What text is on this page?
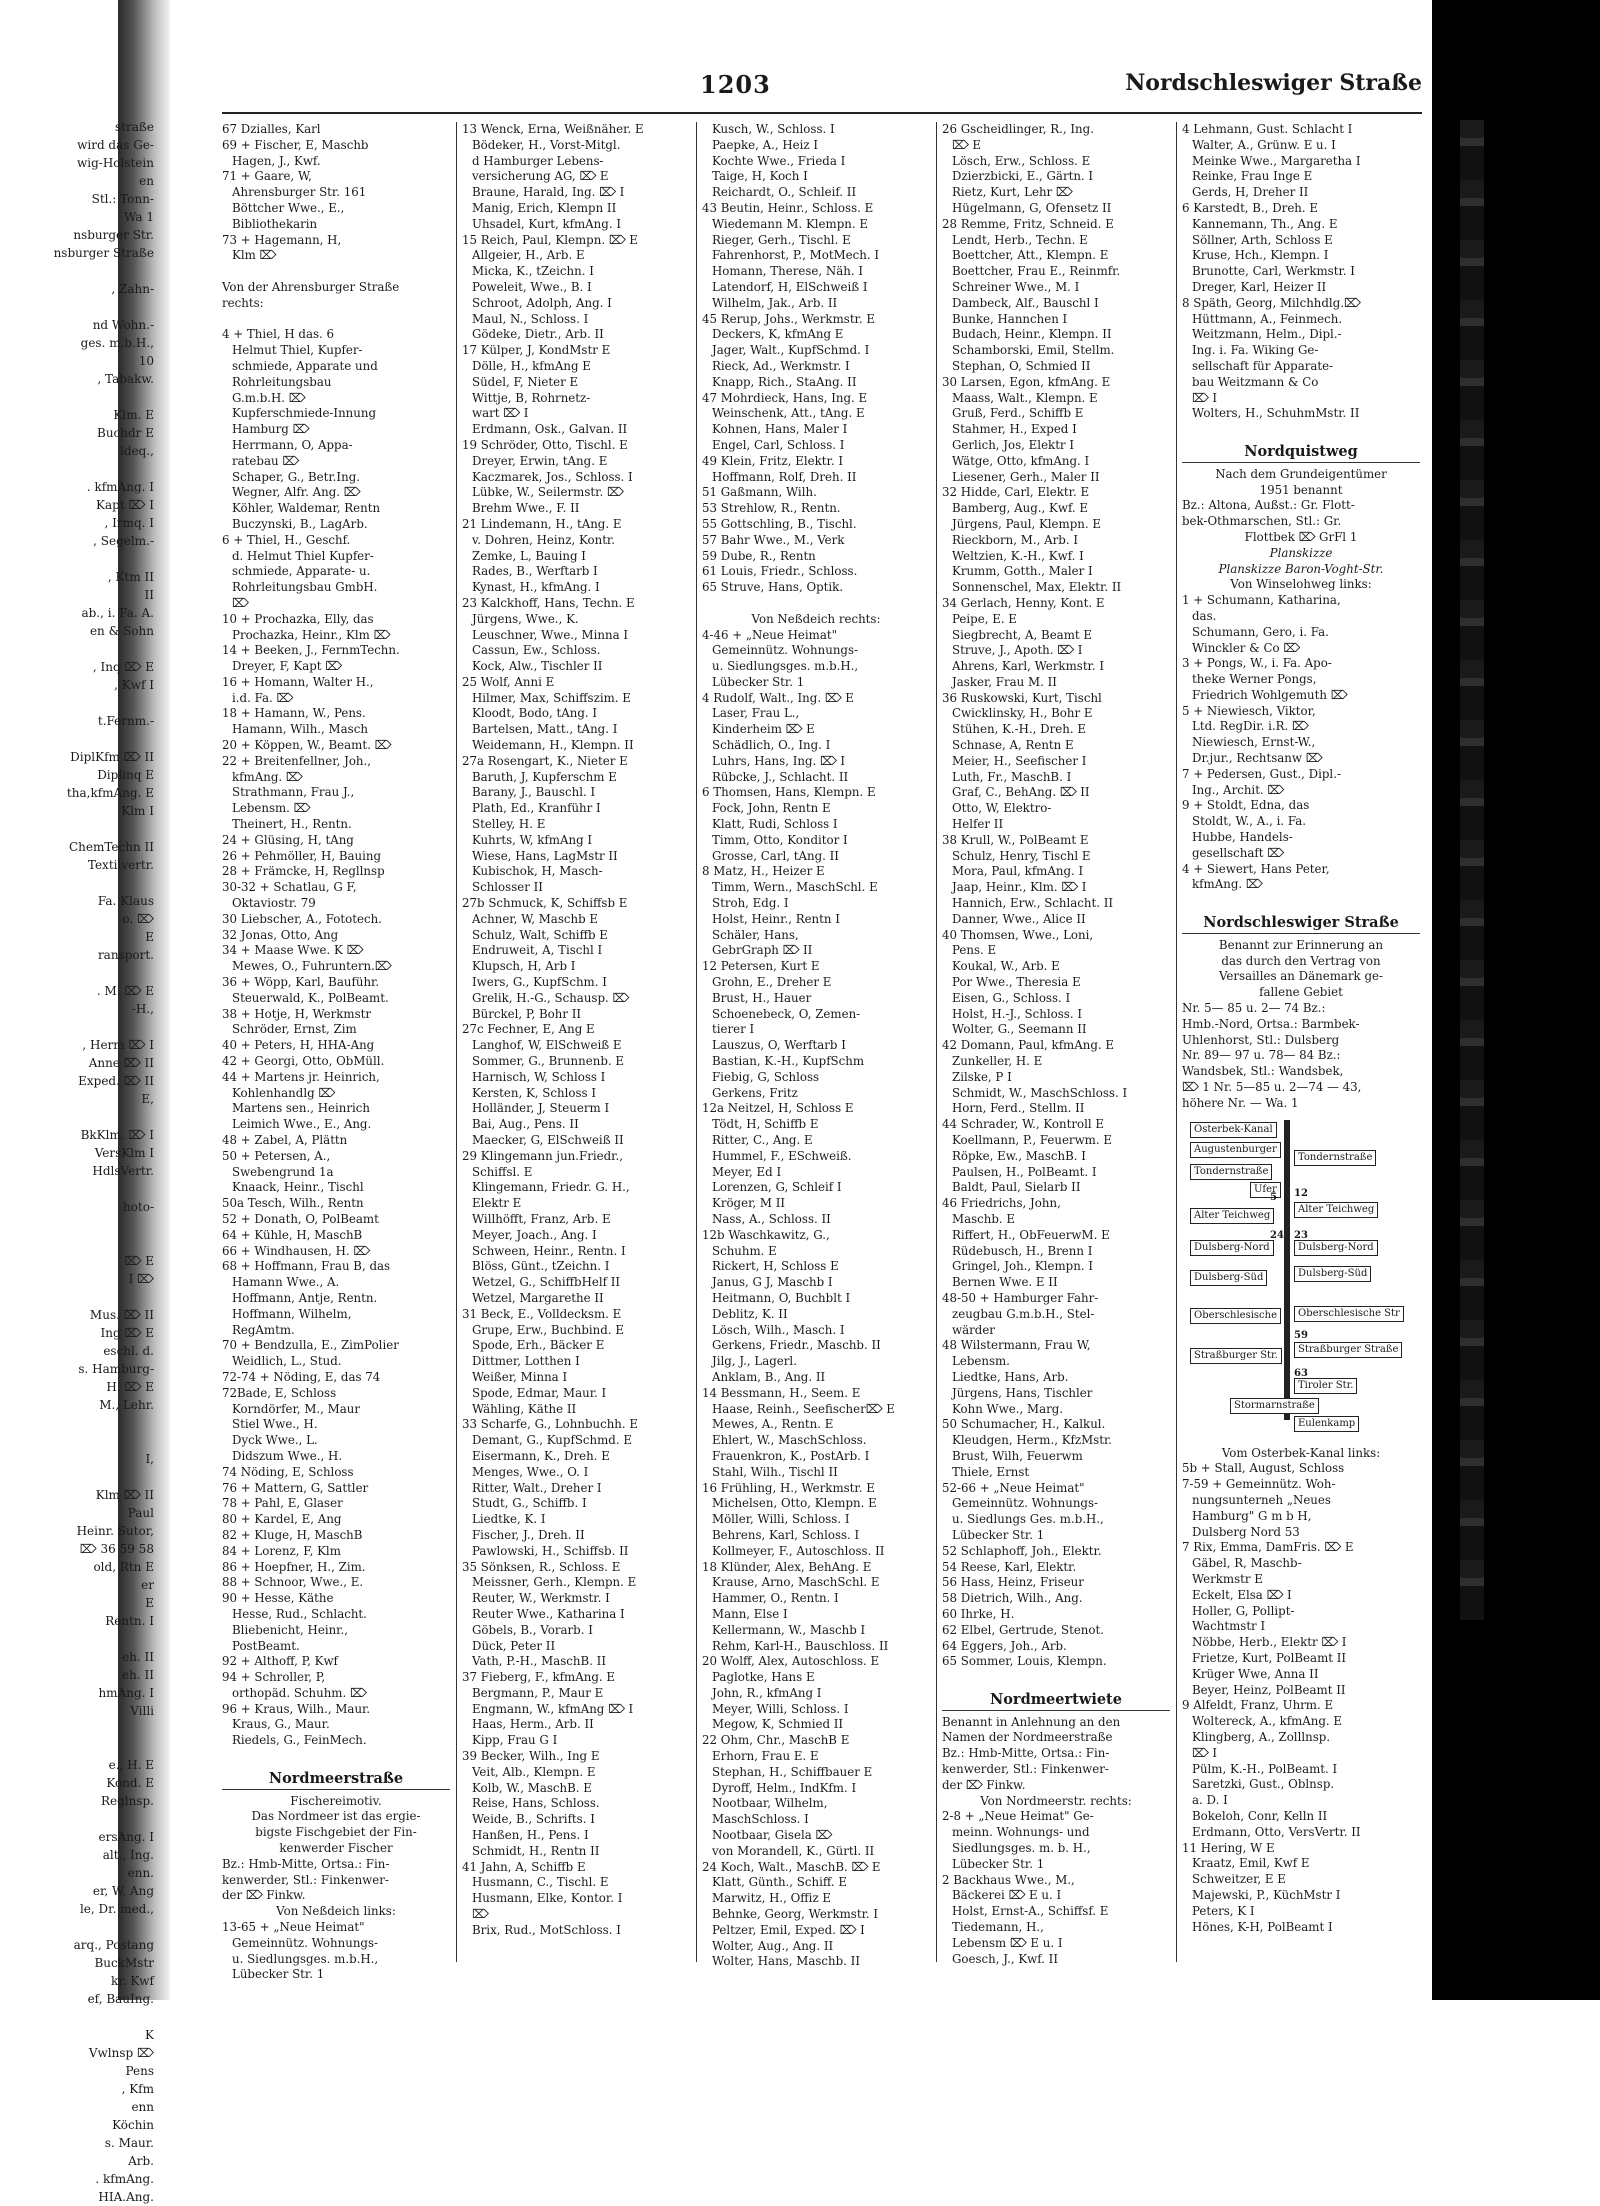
1203	Nordschleswiger Straße
straße
wird das Ge-
wig-Holstein
en
Stl.: Tonn-
Wa 1
nsburger Str.
nsburger Straße

, Zahn-

nd Wohn.-
ges. m.b.H.,
10
, Tabakw.

Klm. E
Buchdr E
ldeq.,

. kfmAng. I
Kapt ⌦ I
, Irmq. I
, Segelm.-

, Ktm II
II
ab., i. Fa. A.
en & Sohn

, Inq ⌦ E
, Kwf I

t.Fernm.-

DiplKfm ⌦ II
Diplinq E
tha,kfmAng. E
Klm I

ChemTechn II
Textilvertr.

Fa. Klaus
o. ⌦
E
ransport.

. M. ⌦ E
-H.,

, Herm ⌦ I
Anne ⌦ II
Exped. ⌦ II
E,

BkKlm. ⌦ I
VersKlm I
HdlsVertr.

hoto-

⌦ E
I ⌦

Mus. ⌦ II
Ing ⌦ E
eschl. d.
s. Hamburg-
H. ⌦ E
M., Lehr.

I,

Klm ⌦ II
Paul
Heinr. Sutor,
⌦ 36 59 58
old, Rtn E
er
E
Rentn. I

eh. II
eh. II
hmAng. I
Villi

e., H. E
Kond. E
Reglnsp.

ersAng. I
alt., Ing.
enn.
er, W, Ang
le, Dr. med.,

arq., Postang
BuckMstr
kr. Kwf
ef, BauIng.

K
Vwlnsp ⌦
Pens
, Kfm
enn
Köchin
s. Maur.
Arb.
. kfmAng.
HIA.Ang.
67 Dzialles, Karl
69 + Fischer, E, Maschb
Hagen, J., Kwf.
71 + Gaare, W,
Ahrensburger Str. 161
Böttcher Wwe., E.,
Bibliothekarin
73 + Hagemann, H,
Klm ⌦

Von der Ahrensburger Straße
rechts:

4 + Thiel, H das. 6
Helmut Thiel, Kupfer-
schmiede, Apparate und
Rohrleitungsbau
G.m.b.H. ⌦
Kupferschmiede-Innung
Hamburg ⌦
Herrmann, O, Appa-
ratebau ⌦
Schaper, G., Betr.Ing.
Wegner, Alfr. Ang. ⌦
Köhler, Waldemar, Rentn
Buczynski, B., LagArb.
6 + Thiel, H., Geschf.
d. Helmut Thiel Kupfer-
schmiede, Apparate- u.
Rohrleitungsbau GmbH.
⌦
10 + Prochazka, Elly, das
Prochazka, Heinr., Klm ⌦
14 + Beeken, J., FernmTechn.
Dreyer, F, Kapt ⌦
16 + Homann, Walter H.,
i.d. Fa. ⌦
18 + Hamann, W., Pens.
Hamann, Wilh., Masch
20 + Köppen, W., Beamt. ⌦
22 + Breitenfellner, Joh.,
kfmAng. ⌦
Strathmann, Frau J.,
Lebensm. ⌦
Theinert, H., Rentn.
24 + Glüsing, H, tAng
26 + Pehmöller, H, Bauing
28 + Främcke, H, Regllnsp
30-32 + Schatlau, G F,
Oktaviostr. 79
30 Liebscher, A., Fototech.
32 Jonas, Otto, Ang
34 + Maase Wwe. K ⌦
Mewes, O., Fuhruntern.⌦
36 + Wöpp, Karl, Bauführ.
Steuerwald, K., PolBeamt.
38 + Hotje, H, Werkmstr
Schröder, Ernst, Zim
40 + Peters, H, HHA-Ang
42 + Georgi, Otto, ObMüll.
44 + Martens jr. Heinrich,
Kohlenhandlg ⌦
Martens sen., Heinrich
Leimich Wwe., E., Ang.
48 + Zabel, A, Plättn
50 + Petersen, A.,
Swebengrund 1a
Knaack, Heinr., Tischl
50a Tesch, Wilh., Rentn
52 + Donath, O, PolBeamt
64 + Kühle, H, MaschB
66 + Windhausen, H. ⌦
68 + Hoffmann, Frau B, das
Hamann Wwe., A.
Hoffmann, Antje, Rentn.
Hoffmann, Wilhelm,
RegAmtm.
70 + Bendzulla, E., ZimPolier
Weidlich, L., Stud.
72-74 + Nöding, E, das 74
72Bade, E, Schloss
Korndörfer, M., Maur
Stiel Wwe., H.
Dyck Wwe., L.
Didszum Wwe., H.
74 Nöding, E, Schloss
76 + Mattern, G, Sattler
78 + Pahl, E, Glaser
80 + Kardel, E, Ang
82 + Kluge, H, MaschB
84 + Lorenz, F, Klm
86 + Hoepfner, H., Zim.
88 + Schnoor, Wwe., E.
90 + Hesse, Käthe
Hesse, Rud., Schlacht.
Bliebenicht, Heinr.,
PostBeamt.
92 + Althoff, P, Kwf
94 + Schroller, P,
orthopäd. Schuhm. ⌦
96 + Kraus, Wilh., Maur.
Kraus, G., Maur.
Riedels, G., FeinMech.

Nordmeerstraße
Fischereimotiv.
Das Nordmeer ist das ergie-
bigste Fischgebiet der Fin-
kenwerder Fischer
Bz.: Hmb-Mitte, Ortsa.: Fin-
kenwerder, Stl.: Finkenwer-
der ⌦ Finkw.
Von Neßdeich links:
13-65 + „Neue Heimat"
Gemeinnütz. Wohnungs-
u. Siedlungsges. m.b.H.,
Lübecker Str. 1
13 Wenck, Erna, Weißnäher. E
Bödeker, H., Vorst-Mitgl.
d Hamburger Lebens-
versicherung AG, ⌦ E
Braune, Harald, Ing. ⌦ I
Manig, Erich, Klempn II
Uhsadel, Kurt, kfmAng. I
15 Reich, Paul, Klempn. ⌦ E
Allgeier, H., Arb. E
Micka, K., tZeichn. I
Poweleit, Wwe., B. I
Schroot, Adolph, Ang. I
Maul, N., Schloss. I
Gödeke, Dietr., Arb. II
17 Külper, J, KondMstr E
Dölle, H., kfmAng E
Südel, F, Nieter E
Wittje, B, Rohrnetz-
wart ⌦ I
Erdmann, Osk., Galvan. II
19 Schröder, Otto, Tischl. E
Dreyer, Erwin, tAng. E
Kaczmarek, Jos., Schloss. I
Lübke, W., Seilermstr. ⌦
Brehm Wwe., F. II
21 Lindemann, H., tAng. E
v. Dohren, Heinz, Kontr.
Zemke, L, Bauing I
Rades, B., Werftarb I
Kynast, H., kfmAng. I
23 Kalckhoff, Hans, Techn. E
Jürgens, Wwe., K.
Leuschner, Wwe., Minna I
Cassun, Ew., Schloss.
Kock, Alw., Tischler II
25 Wolf, Anni E
Hilmer, Max, Schiffszim. E
Kloodt, Bodo, tAng. I
Bartelsen, Matt., tAng. I
Weidemann, H., Klempn. II
27a Rosengart, K., Nieter E
Baruth, J, Kupferschm E
Barany, J., Bauschl. I
Plath, Ed., Kranführ I
Stelley, H. E
Kuhrts, W, kfmAng I
Wiese, Hans, LagMstr II
Kubischok, H, Masch-
Schlosser II
27b Schmuck, K, Schiffsb E
Achner, W, Maschb E
Schulz, Walt, Schiffb E
Endruweit, A, Tischl I
Klupsch, H, Arb I
Iwers, G., KupfSchm. I
Grelik, H.-G., Schausp. ⌦
Bürckel, P, Bohr II
27c Fechner, E, Ang E
Langhof, W, ElSchweiß E
Sommer, G., Brunnenb. E
Harnisch, W, Schloss I
Kersten, K, Schloss I
Holländer, J, Steuerm I
Bai, Aug., Pens. II
Maecker, G, ElSchweiß II
29 Klingemann jun.Friedr.,
Schiffsl. E
Klingemann, Friedr. G. H.,
Elektr E
Willhöfft, Franz, Arb. E
Meyer, Joach., Ang. I
Schween, Heinr., Rentn. I
Blöss, Günt., tZeichn. I
Wetzel, G., SchiffbHelf II
Wetzel, Margarethe II
31 Beck, E., Volldecksm. E
Grupe, Erw., Buchbind. E
Spode, Erh., Bäcker E
Dittmer, Lotthen I
Weißer, Minna I
Spode, Edmar, Maur. I
Wähling, Käthe II
33 Scharfe, G., Lohnbuchh. E
Demant, G., KupfSchmd. E
Eisermann, K., Dreh. E
Menges, Wwe., O. I
Ritter, Walt., Dreher I
Studt, G., Schiffb. I
Liedtke, K. I
Fischer, J., Dreh. II
Pawlowski, H., Schiffsb. II
35 Sönksen, R., Schloss. E
Meissner, Gerh., Klempn. E
Reuter, W., Werkmstr. I
Reuter Wwe., Katharina I
Göbels, B., Vorarb. I
Dück, Peter II
Vath, P.-H., MaschB. II
37 Fieberg, F., kfmAng. E
Bergmann, P., Maur E
Engmann, W., kfmAng ⌦ I
Haas, Herm., Arb. II
Kipp, Frau G I
39 Becker, Wilh., Ing E
Veit, Alb., Klempn. E
Kolb, W., MaschB. E
Reise, Hans, Schloss.
Weide, B., Schrifts. I
Hanßen, H., Pens. I
Schmidt, H., Rentn II
41 Jahn, A, Schiffb E
Husmann, C., Tischl. E
Husmann, Elke, Kontor. I
⌦
Brix, Rud., MotSchloss. I
Kusch, W., Schloss. I
Paepke, A., Heiz I
Kochte Wwe., Frieda I
Taige, H, Koch I
Reichardt, O., Schleif. II
43 Beutin, Heinr., Schloss. E
Wiedemann M. Klempn. E
Rieger, Gerh., Tischl. E
Fahrenhorst, P., MotMech. I
Homann, Therese, Näh. I
Latendorf, H, ElSchweiß I
Wilhelm, Jak., Arb. II
45 Rerup, Johs., Werkmstr. E
Deckers, K, kfmAng E
Jager, Walt., KupfSchmd. I
Rieck, Ad., Werkmstr. I
Knapp, Rich., StaAng. II
47 Mohrdieck, Hans, Ing. E
Weinschenk, Att., tAng. E
Kohnen, Hans, Maler I
Engel, Carl, Schloss. I
49 Klein, Fritz, Elektr. I
Hoffmann, Rolf, Dreh. II
51 Gaßmann, Wilh.
53 Strehlow, R., Rentn.
55 Gottschling, B., Tischl.
57 Bahr Wwe., M., Verk
59 Dube, R., Rentn
61 Louis, Friedr., Schloss.
65 Struve, Hans, Optik.

Von Neßdeich rechts:
4-46 + „Neue Heimat"
Gemeinnütz. Wohnungs-
u. Siedlungsges. m.b.H.,
Lübecker Str. 1
4 Rudolf, Walt., Ing. ⌦ E
Laser, Frau L.,
Kinderheim ⌦ E
Schädlich, O., Ing. I
Luhrs, Hans, Ing. ⌦ I
Rübcke, J., Schlacht. II
6 Thomsen, Hans, Klempn. E
Fock, John, Rentn E
Klatt, Rudi, Schloss I
Timm, Otto, Konditor I
Grosse, Carl, tAng. II
8 Matz, H., Heizer E
Timm, Wern., MaschSchl. E
Stroh, Edg. I
Holst, Heinr., Rentn I
Schäler, Hans,
GebrGraph ⌦ II
12 Petersen, Kurt E
Grohn, E., Dreher E
Brust, H., Hauer
Schoenebeck, O, Zemen-
tierer I
Lauszus, O, Werftarb I
Bastian, K.-H., KupfSchm
Fiebig, G, Schloss
Gerkens, Fritz
12a Neitzel, H, Schloss E
Tödt, H, Schiffb E
Ritter, C., Ang. E
Hummel, F., ESchweiß.
Meyer, Ed I
Lorenzen, G, Schleif I
Kröger, M II
Nass, A., Schloss. II
12b Waschkawitz, G.,
Schuhm. E
Rickert, H, Schloss E
Janus, G J, Maschb I
Heitmann, O, Buchblt I
Deblitz, K. II
Lösch, Wilh., Masch. I
Gerkens, Friedr., Maschb. II
Jilg, J., Lagerl.
Anklam, B., Ang. II
14 Bessmann, H., Seem. E
Haase, Reinh., Seefischer⌦ E
Mewes, A., Rentn. E
Ehlert, W., MaschSchloss.
Frauenkron, K., PostArb. I
Stahl, Wilh., Tischl II
16 Frühling, H., Werkmstr. E
Michelsen, Otto, Klempn. E
Möller, Willi, Schloss. I
Behrens, Karl, Schloss. I
Kollmeyer, F., Autoschloss. II
18 Klünder, Alex, BehAng. E
Krause, Arno, MaschSchl. E
Hammer, O., Rentn. I
Mann, Else I
Kellermann, W., Maschb I
Rehm, Karl-H., Bauschloss. II
20 Wolff, Alex, Autoschloss. E
Paglotke, Hans E
John, R., kfmAng I
Meyer, Willi, Schloss. I
Megow, K, Schmied II
22 Ohm, Chr., MaschB E
Erhorn, Frau E. E
Stephan, H., Schiffbauer E
Dyroff, Helm., IndKfm. I
Nootbaar, Wilhelm,
MaschSchloss. I
Nootbaar, Gisela ⌦
von Morandell, K., Gürtl. II
24 Koch, Walt., MaschB. ⌦ E
Klatt, Günth., Schiff. E
Marwitz, H., Offiz E
Behnke, Georg, Werkmstr. I
Peltzer, Emil, Exped. ⌦ I
Wolter, Aug., Ang. II
Wolter, Hans, Maschb. II
26 Gscheidlinger, R., Ing.
⌦ E
Lösch, Erw., Schloss. E
Dzierzbicki, E., Gärtn. I
Rietz, Kurt, Lehr ⌦
Hügelmann, G, Ofensetz II
28 Remme, Fritz, Schneid. E
Lendt, Herb., Techn. E
Boettcher, Att., Klempn. E
Boettcher, Frau E., Reinmfr.
Schreiner Wwe., M. I
Dambeck, Alf., Bauschl I
Bunke, Hannchen I
Budach, Heinr., Klempn. II
Schamborski, Emil, Stellm.
Stephan, O, Schmied II
30 Larsen, Egon, kfmAng. E
Maass, Walt., Klempn. E
Gruß, Ferd., Schiffb E
Stahmer, H., Exped I
Gerlich, Jos, Elektr I
Wätge, Otto, kfmAng. I
Liesener, Gerh., Maler II
32 Hidde, Carl, Elektr. E
Bamberg, Aug., Kwf. E
Jürgens, Paul, Klempn. E
Rieckborn, M., Arb. I
Weltzien, K.-H., Kwf. I
Krumm, Gotth., Maler I
Sonnenschel, Max, Elektr. II
34 Gerlach, Henny, Kont. E
Peipe, E. E
Siegbrecht, A, Beamt E
Struve, J., Apoth. ⌦ I
Ahrens, Karl, Werkmstr. I
Jasker, Frau M. II
36 Ruskowski, Kurt, Tischl
Cwicklinsky, H., Bohr E
Stühen, K.-H., Dreh. E
Schnase, A, Rentn E
Meier, H., Seefischer I
Luth, Fr., MaschB. I
Graf, C., BehAng. ⌦ II
Otto, W, Elektro-
Helfer II
38 Krull, W., PolBeamt E
Schulz, Henry, Tischl E
Mora, Paul, kfmAng. I
Jaap, Heinr., Klm. ⌦ I
Hannich, Erw., Schlacht. II
Danner, Wwe., Alice II
40 Thomsen, Wwe., Loni,
Pens. E
Koukal, W., Arb. E
Por Wwe., Theresia E
Eisen, G., Schloss. I
Holst, H.-J., Schloss. I
Wolter, G., Seemann II
42 Domann, Paul, kfmAng. E
Zunkeller, H. E
Zilske, P I
Schmidt, W., MaschSchloss. I
Horn, Ferd., Stellm. II
44 Schrader, W., Kontroll E
Koellmann, P., Feuerwm. E
Röpke, Ew., MaschB. I
Paulsen, H., PolBeamt. I
Baldt, Paul, Sielarb II
46 Friedrichs, John,
Maschb. E
Riffert, H., ObFeuerwM. E
Rüdebusch, H., Brenn I
Gringel, Joh., Klempn. I
Bernen Wwe. E II
48-50 + Hamburger Fahr-
zeugbau G.m.b.H., Stel-
wärder
48 Wilstermann, Frau W,
Lebensm.
Liedtke, Hans, Arb.
Jürgens, Hans, Tischler
Kohn Wwe., Marg.
50 Schumacher, H., Kalkul.
Kleudgen, Herm., KfzMstr.
Brust, Wilh, Feuerwm
Thiele, Ernst
52-66 + „Neue Heimat"
Gemeinnütz. Wohnungs-
u. Siedlungs Ges. m.b.H.,
Lübecker Str. 1
52 Schlaphoff, Joh., Elektr.
54 Reese, Karl, Elektr.
56 Hass, Heinz, Friseur
58 Dietrich, Wilh., Ang.
60 Ihrke, H.
62 Elbel, Gertrude, Stenot.
64 Eggers, Joh., Arb.
65 Sommer, Louis, Klempn.

Nordmeertwiete
Benannt in Anlehnung an den
Namen der Nordmeerstraße
Bz.: Hmb-Mitte, Ortsa.: Fin-
kenwerder, Stl.: Finkenwer-
der ⌦ Finkw.
Von Nordmeerstr. rechts:
2-8 + „Neue Heimat" Ge-
meinn. Wohnungs- und
Siedlungsges. m. b. H.,
Lübecker Str. 1
2 Backhaus Wwe., M.,
Bäckerei ⌦ E u. I
Holst, Ernst-A., Schiffsf. E
Tiedemann, H.,
Lebensm ⌦ E u. I
Goesch, J., Kwf. II
4 Lehmann, Gust. Schlacht I
Walter, A., Grünw. E u. I
Meinke Wwe., Margaretha I
Reinke, Frau Inge E
Gerds, H, Dreher II
6 Karstedt, B., Dreh. E
Kannemann, Th., Ang. E
Söllner, Arth, Schloss E
Kruse, Hch., Klempn. I
Brunotte, Carl, Werkmstr. I
Dreger, Karl, Heizer II
8 Späth, Georg, Milchhdlg.⌦
Hüttmann, A., Feinmech.
Weitzmann, Helm., Dipl.-
Ing. i. Fa. Wiking Ge-
sellschaft für Apparate-
bau Weitzmann & Co
⌦ I
Wolters, H., SchuhmMstr. II

Nordquistweg
Nach dem Grundeigentümer
1951 benannt
Bz.: Altona, Außst.: Gr. Flott-
bek-Othmarschen, Stl.: Gr.
Flottbek ⌦ GrFl 1
Planskizze
Planskizze Baron-Voght-Str.
Von Winselohweg links:
1 + Schumann, Katharina,
das.
Schumann, Gero, i. Fa.
Winckler & Co ⌦
3 + Pongs, W., i. Fa. Apo-
theke Werner Pongs,
Friedrich Wohlgemuth ⌦
5 + Niewiesch, Viktor,
Ltd. RegDir. i.R. ⌦
Niewiesch, Ernst-W.,
Dr.jur., Rechtsanw ⌦
7 + Pedersen, Gust., Dipl.-
Ing., Archit. ⌦
9 + Stoldt, Edna, das
Stoldt, W., A., i. Fa.
Hubbe, Handels-
gesellschaft ⌦
4 + Siewert, Hans Peter,
kfmAng. ⌦

Nordschleswiger Straße
Benannt zur Erinnerung an
das durch den Vertrag von
Versailles an Dänemark ge-
fallene Gebiet
Nr. 5— 85 u. 2— 74 Bz.:
Hmb.-Nord, Ortsa.: Barmbek-
Uhlenhorst, Stl.: Dulsberg
Nr. 89— 97 u. 78— 84 Bz.:
Wandsbek, Stl.: Wandsbek,
⌦ 1 Nr. 5—85 u. 2—74 — 43,
höhere Nr. — Wa. 1
Osterbek-Kanal
Augustenburger
Tondernstraße
Ufer
Alter Teichweg
Dulsberg-Nord
Dulsberg-Süd
Oberschlesische
Straßburger Str.
Tondernstraße
Alter Teichweg
Dulsberg-Nord
Dulsberg-Süd
Oberschlesische Str
Straßburger Straße
Tiroler Str.
Stormarnstraße
Eulenkamp
5 12
23
24
59
63
Vom Osterbek-Kanal links:
5b + Stall, August, Schloss
7-59 + Gemeinnütz. Woh-
nungsunterneh „Neues
Hamburg" G m b H,
Dulsberg Nord 53
7 Rix, Emma, DamFris. ⌦ E
Gäbel, R, Maschb-
Werkmstr E
Eckelt, Elsa ⌦ I
Holler, G, Pollipt-
Wachtmstr I
Nöbbe, Herb., Elektr ⌦ I
Frietze, Kurt, PolBeamt II
Krüger Wwe, Anna II
Beyer, Heinz, PolBeamt II
9 Alfeldt, Franz, Uhrm. E
Woltereck, A., kfmAng. E
Klingberg, A., Zolllnsp.
⌦ I
Pülm, K.-H., PolBeamt. I
Saretzki, Gust., Oblnsp.
a. D. I
Bokeloh, Conr, Kelln II
Erdmann, Otto, VersVertr. II
11 Hering, W E
Kraatz, Emil, Kwf E
Schweitzer, E E
Majewski, P., KüchMstr I
Peters, K I
Hönes, K-H, PolBeamt I
